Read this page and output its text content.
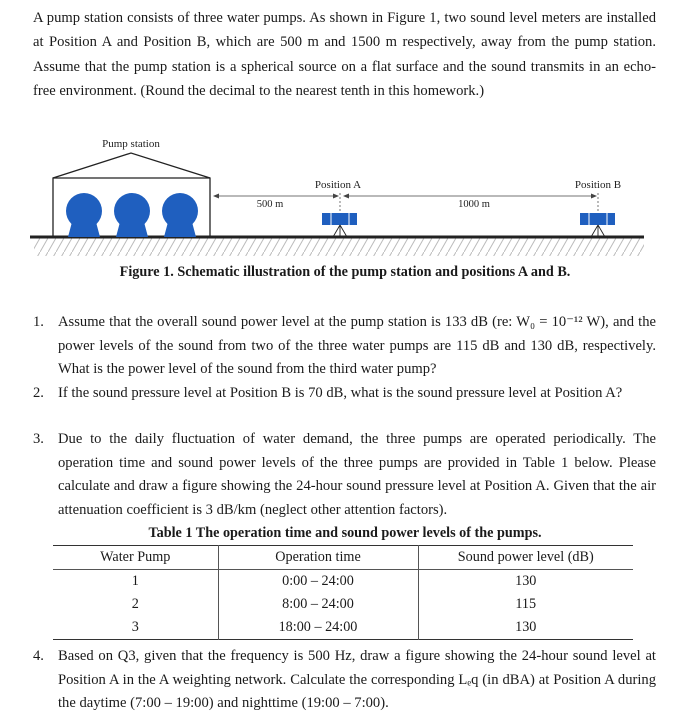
A pump station consists of three water pumps. As shown in Figure 1, two sound level meters are installed at Position A and Position B, which are 500 m and 1500 m respectively, away from the pump station. Assume that the pump station is a spherical source on a flat surface and the sound transmits in an echo-free environment. (Round the decimal to the nearest tenth in this homework.)
Pump station
500 m	1000 m
Position A	Position B
Figure 1. Schematic illustration of the pump station and positions A and B.
1. Assume that the overall sound power level at the pump station is 133 dB (re: W₀ = 10⁻¹² W), and the power levels of the sound from two of the three water pumps are 115 dB and 130 dB, respectively. What is the power level of the sound from the third water pump?
2. If the sound pressure level at Position B is 70 dB, what is the sound pressure level at Position A?
3. Due to the daily fluctuation of water demand, the three pumps are operated periodically. The operation time and sound power levels of the three pumps are provided in Table 1 below. Please calculate and draw a figure showing the 24-hour sound pressure level at Position A. Given that the air attenuation coefficient is 3 dB/km (neglect other attention factors).
Table 1 The operation time and sound power levels of the pumps.
Water Pump	Operation time	Sound power level (dB)
1	0:00 – 24:00	130
2	8:00 – 24:00	115
3	18:00 – 24:00	130
4. Based on Q3, given that the frequency is 500 Hz, draw a figure showing the 24-hour sound level at Position A in the A weighting network. Calculate the corresponding Lₑq (in dBA) at Position A during the daytime (7:00 – 19:00) and nighttime (19:00 – 7:00).
